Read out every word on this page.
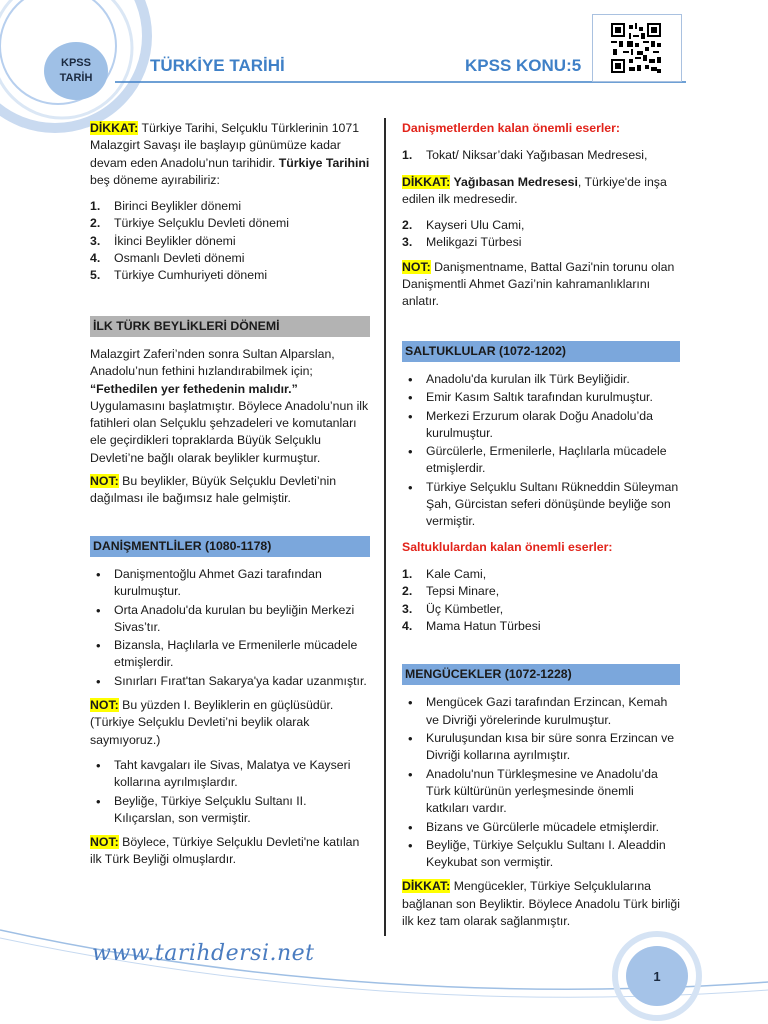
KPSS
TARİH
TÜRKİYE TARİHİ	KPSS KONU:5

DİKKAT: Türkiye Tarihi, Selçuklu Türklerinin 1071 Malazgirt Savaşı ile başlayıp günümüze kadar devam eden Anadolu’nun tarihidir. Türkiye Tarihini beş döneme ayırabiliriz:

1. Birinci Beylikler dönemi
2. Türkiye Selçuklu Devleti dönemi
3. İkinci Beylikler dönemi
4. Osmanlı Devleti dönemi
5. Türkiye Cumhuriyeti dönemi
İLK TÜRK BEYLİKLERİ DÖNEMİ

Malazgirt Zaferi’nden sonra Sultan Alparslan, Anadolu’nun fethini hızlandırabilmek için; “Fethedilen yer fethedenin malıdır.” Uygulamasını başlatmıştır. Böylece Anadolu’nun ilk fatihleri olan Selçuklu şehzadeleri ve komutanları ele geçirdikleri topraklarda Büyük Selçuklu Devleti’ne bağlı olarak beylikler kurmuştur.

NOT: Bu beylikler, Büyük Selçuklu Devleti’nin dağılması ile bağımsız hale gelmiştir.

DANİŞMENTLİLER (1080-1178)
• Danişmentoğlu Ahmet Gazi tarafından kurulmuştur.
• Orta Anadolu'da kurulan bu beyliğin Merkezi Sivas’tır.
• Bizansla, Haçlılarla ve Ermenilerle mücadele etmişlerdir.
• Sınırları Fırat'tan Sakarya'ya kadar uzanmıştır.

NOT: Bu yüzden I. Beyliklerin en güçlüsüdür. (Türkiye Selçuklu Devleti’ni beylik olarak saymıyoruz.)

• Taht kavgaları ile Sivas, Malatya ve Kayseri kollarına ayrılmışlardır.
• Beyliğe, Türkiye Selçuklu Sultanı II. Kılıçarslan, son vermiştir.

NOT: Böylece, Türkiye Selçuklu Devleti'ne katılan ilk Türk Beyliği olmuşlardır.

Danişmetlerden kalan önemli eserler:

1. Tokat/ Niksar’daki Yağıbasan Medresesi,

DİKKAT: Yağıbasan Medresesi, Türkiye'de inşa edilen ilk medresedir.

2. Kayseri Ulu Cami,
3. Melikgazi Türbesi

NOT: Danişmentname, Battal Gazi'nin torunu olan Danişmentli Ahmet Gazi’nin kahramanlıklarını anlatır.

SALTUKLULAR (1072-1202)
• Anadolu'da kurulan ilk Türk Beyliğidir.
• Emir Kasım Saltık tarafından kurulmuştur.
• Merkezi Erzurum olarak Doğu Anadolu’da kurulmuştur.
• Gürcülerle, Ermenilerle, Haçlılarla mücadele etmişlerdir.
• Türkiye Selçuklu Sultanı Rükneddin Süleyman Şah, Gürcistan seferi dönüşünde beyliğe son vermiştir.

Saltuklulardan kalan önemli eserler:

1. Kale Cami,
2. Tepsi Minare,
3. Üç Kümbetler,
4. Mama Hatun Türbesi
MENGÜCEKLER (1072-1228)
• Mengücek Gazi tarafından Erzincan, Kemah ve Divriği yörelerinde kurulmuştur.
• Kuruluşundan kısa bir süre sonra Erzincan ve Divriği kollarına ayrılmıştır.
• Anadolu'nun Türkleşmesine ve Anadolu’da Türk kültürünün yerleşmesinde önemli katkıları vardır.
• Bizans ve Gürcülerle mücadele etmişlerdir.
• Beyliğe, Türkiye Selçuklu Sultanı I. Aleaddin Keykubat son vermiştir.

DİKKAT: Mengücekler, Türkiye Selçuklularına bağlanan son Beyliktir. Böylece Anadolu Türk birliği ilk kez tam olarak sağlanmıştır.

www.tarihdersi.net
1
